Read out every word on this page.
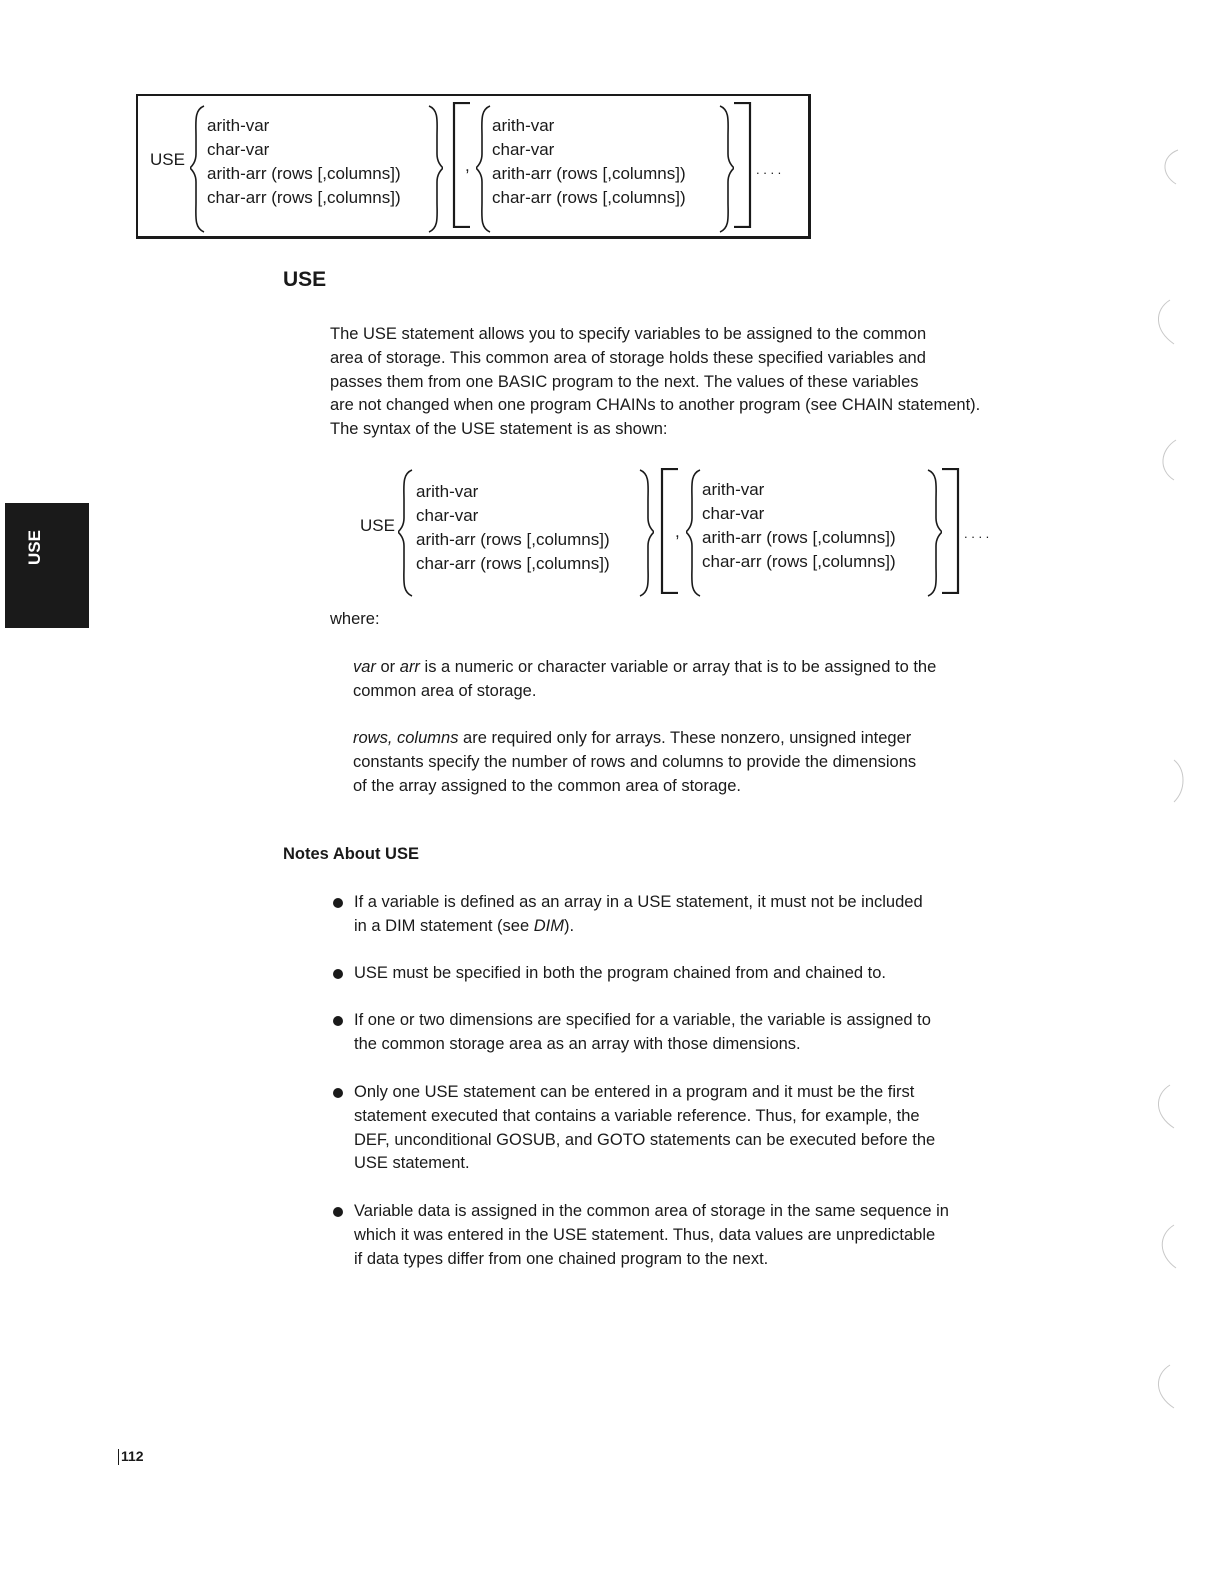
USE
arith-var
char-var
arith-arr (rows [,columns])
char-arr (rows [,columns])
,
arith-var
char-var
arith-arr (rows [,columns])
char-arr (rows [,columns])
. . . .
USE
The USE statement allows you to specify variables to be assigned to the common
area of storage. This common area of storage holds these specified variables and
passes them from one BASIC program to the next. The values of these variables
are not changed when one program CHAINs to another program (see CHAIN statement).
The syntax of the USE statement is as shown:
USE
arith-var
char-var
arith-arr (rows [,columns])
char-arr (rows [,columns])
,
arith-var
char-var
arith-arr (rows [,columns])
char-arr (rows [,columns])
. . . .
where:
var or arr is a numeric or character variable or array that is to be assigned to the
common area of storage.
rows, columns are required only for arrays. These nonzero, unsigned integer
constants specify the number of rows and columns to provide the dimensions
of the array assigned to the common area of storage.
Notes About USE
If a variable is defined as an array in a USE statement, it must not be included
in a DIM statement (see DIM).
USE must be specified in both the program chained from and chained to.
If one or two dimensions are specified for a variable, the variable is assigned to
the common storage area as an array with those dimensions.
Only one USE statement can be entered in a program and it must be the first
statement executed that contains a variable reference. Thus, for example, the
DEF, unconditional GOSUB, and GOTO statements can be executed before the
USE statement.
Variable data is assigned in the common area of storage in the same sequence in
which it was entered in the USE statement. Thus, data values are unpredictable
if data types differ from one chained program to the next.
USE
112
